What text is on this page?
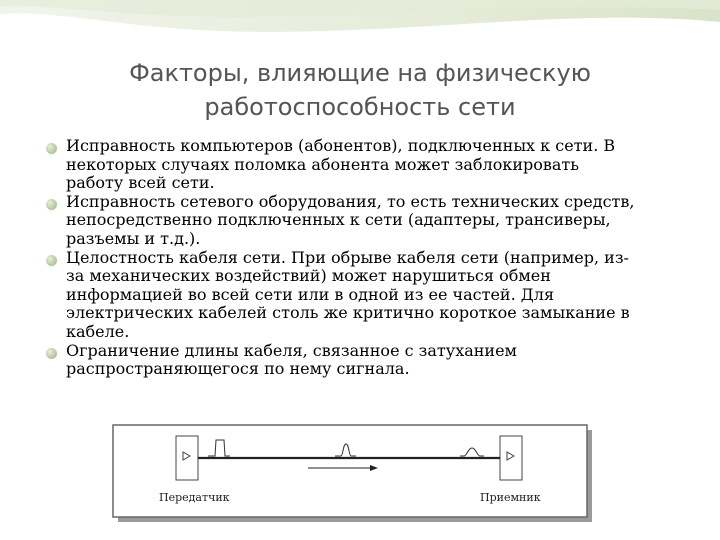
Факторы, влияющие на физическую
работоспособность сети
Исправность компьютеров (абонентов), подключенных к сети. В
некоторых случаях поломка абонента может заблокировать
работу всей сети.
Исправность сетевого оборудования, то есть технических средств,
непосредственно подключенных к сети (адаптеры, трансиверы,
разъемы и т.д.).
Целостность кабеля сети. При обрыве кабеля сети (например, из-
за механических воздействий) может нарушиться обмен
информацией во всей сети или в одной из ее частей. Для
электрических кабелей столь же критично короткое замыкание в
кабеле.
Ограничение длины кабеля, связанное с затуханием
распространяющегося по нему сигнала.
Передатчик	Приемник
